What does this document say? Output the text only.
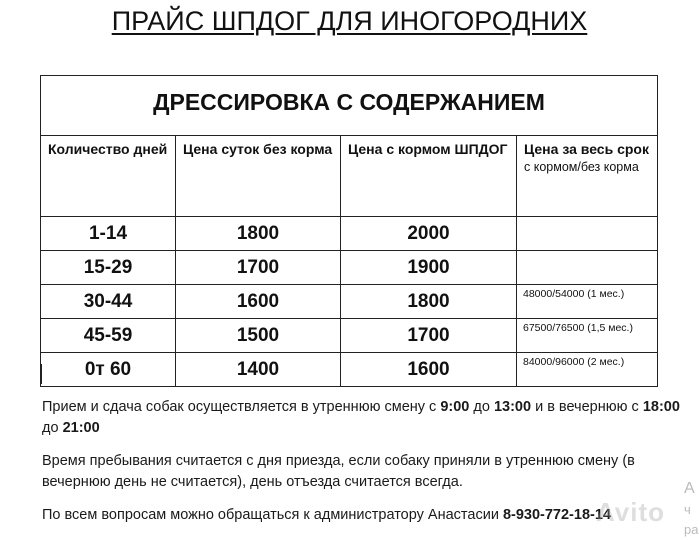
ПРАЙС ШПДОГ ДЛЯ ИНОГОРОДНИХ
ДРЕССИРОВКА С СОДЕРЖАНИЕМ			
Количество дней	Цена суток без корма	Цена с кормом ШПДОГ	Цена за весь срок
с кормом/без корма

1-14	1800	2000	
15-29	1700	1900	
30-44	1600	1800	48000/54000 (1 мес.)
45-59	1500	1700	67500/76500 (1,5 мес.)
0т 60	1400	1600	84000/96000 (2 мес.)
Прием и сдача собак осуществляется в утреннюю смену с 9:00 до 13:00 и в вечернюю с 18:00 до 21:00
Время пребывания считается с дня приезда, если собаку приняли в утреннюю смену (в вечернюю день не считается), день отъезда считается всегда.
По всем вопросам можно обращаться к администратору Анастасии 8-930-772-18-14
Avito
А
ч
ра
